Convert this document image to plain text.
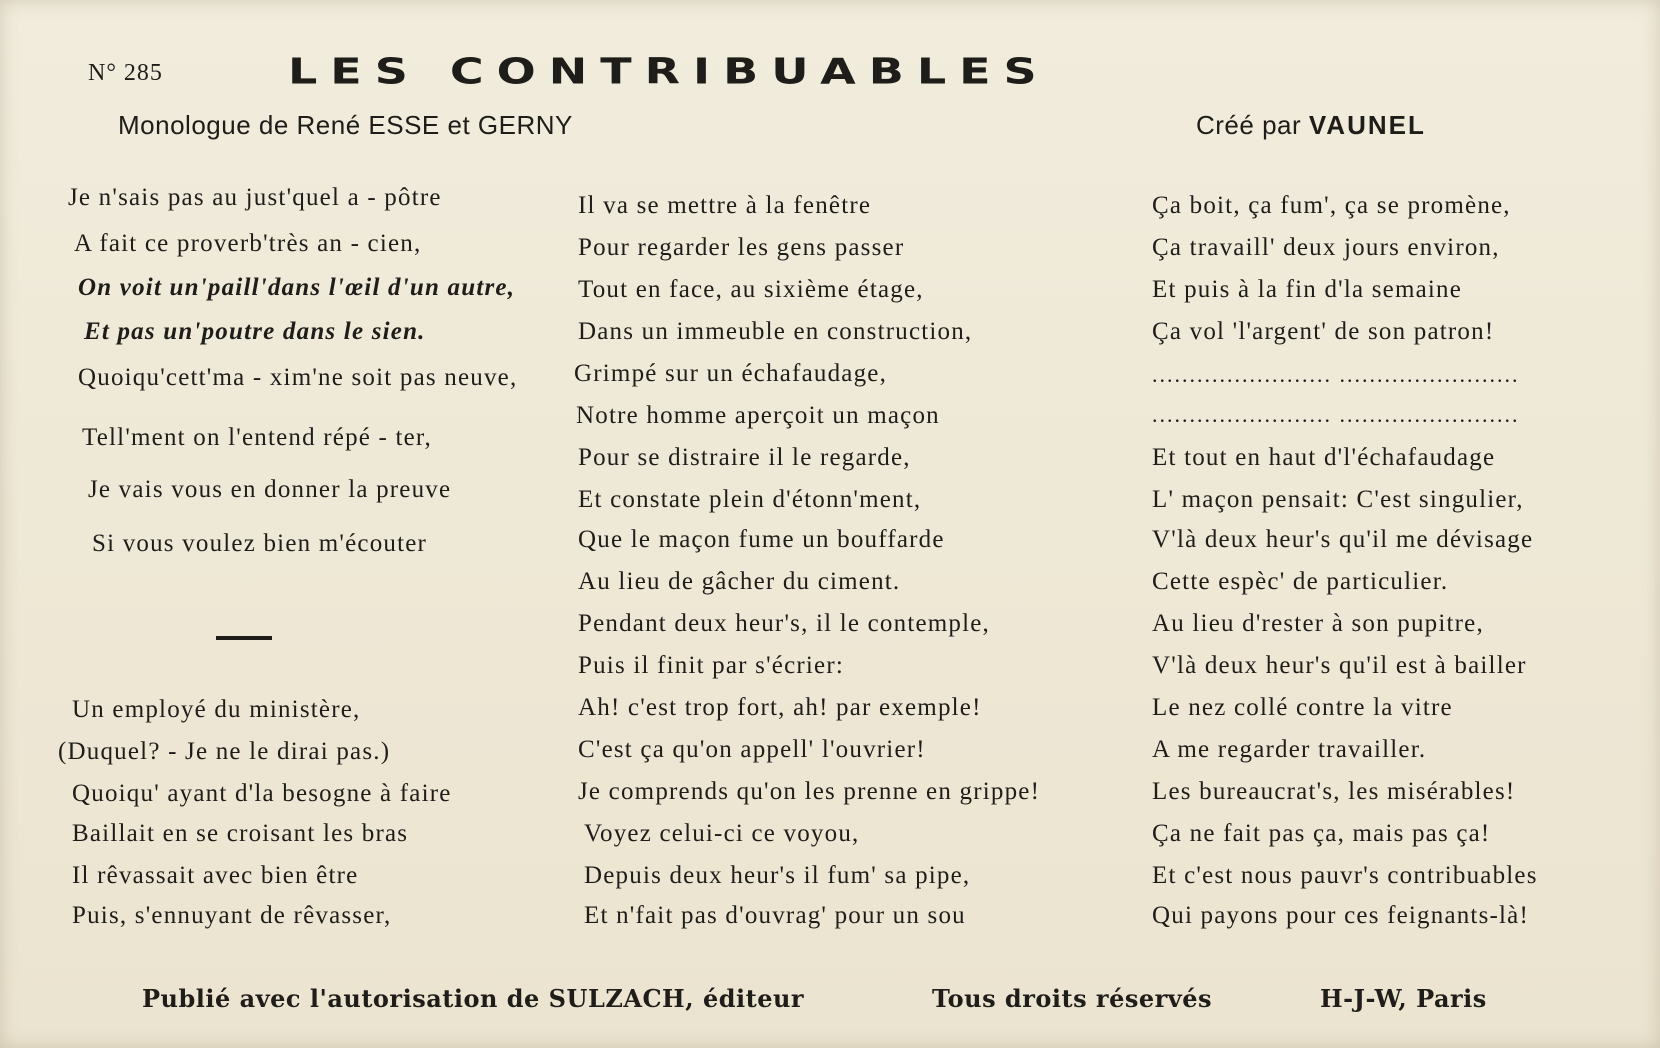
N° 285	LES CONTRIBUABLES
Monologue de René ESSE et GERNY	Créé par VAUNEL
Je n'sais pas au just'quel a - pôtre
A fait ce proverb'très an - cien,
On voit un'paill'dans l'œil d'un autre,
Et pas un'poutre dans le sien.
Quoiqu'cett'ma - xim'ne soit pas neuve,
Tell'ment on l'entend répé - ter,
Je vais vous en donner la preuve
Si vous voulez bien m'écouter
Un employé du ministère,
(Duquel? - Je ne le dirai pas.)
Quoiqu' ayant d'la besogne à faire
Baillait en se croisant les bras
Il rêvassait avec bien être
Puis, s'ennuyant de rêvasser,
Il va se mettre à la fenêtre
Pour regarder les gens passer
Tout en face, au sixième étage,
Dans un immeuble en construction,
Grimpé sur un échafaudage,
Notre homme aperçoit un maçon
Pour se distraire il le regarde,
Et constate plein d'étonn'ment,
Que le maçon fume un bouffarde
Au lieu de gâcher du ciment.
Pendant deux heur's, il le contemple,
Puis il finit par s'écrier:
Ah! c'est trop fort, ah! par exemple!
C'est ça qu'on appell' l'ouvrier!
Je comprends qu'on les prenne en grippe!
Voyez celui-ci ce voyou,
Depuis deux heur's il fum' sa pipe,
Et n'fait pas d'ouvrag' pour un sou
Ça boit, ça fum', ça se promène,
Ça travaill' deux jours environ,
Et puis à la fin d'la semaine
Ça vol 'l'argent' de son patron!
........................ ........................
........................ ........................
Et tout en haut d'l'échafaudage
L' maçon pensait: C'est singulier,
V'là deux heur's qu'il me dévisage
Cette espèc' de particulier.
Au lieu d'rester à son pupitre,
V'là deux heur's qu'il est à bailler
Le nez collé contre la vitre
A me regarder travailler.
Les bureaucrat's, les misérables!
Ça ne fait pas ça, mais pas ça!
Et c'est nous pauvr's contribuables
Qui payons pour ces feignants-là!
Publié avec l'autorisation de SULZACH, éditeur	Tous droits réservés	H-J-W, Paris
